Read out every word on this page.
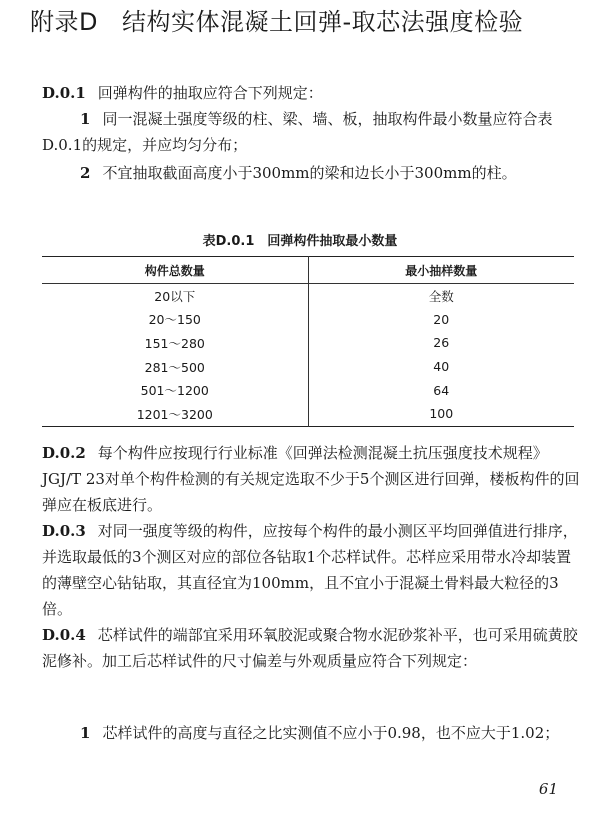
附录D 结构实体混凝土回弹-取芯法强度检验
D.0.1 回弹构件的抽取应符合下列规定：
1 同一混凝土强度等级的柱、梁、墙、板，抽取构件最小数量应符合表D.0.1的规定，并应均匀分布；
2 不宜抽取截面高度小于300mm的梁和边长小于300mm的柱。
表D.0.1　回弹构件抽取最小数量
构件总数量	最小抽样数量
20以下	全数
20～150	20
151～280	26
281～500	40
501～1200	64
1201～3200	100
D.0.2 每个构件应按现行行业标准《回弹法检测混凝土抗压强度技术规程》JGJ/T 23对单个构件检测的有关规定选取不少于5个测区进行回弹，楼板构件的回弹应在板底进行。
D.0.3 对同一强度等级的构件，应按每个构件的最小测区平均回弹值进行排序，并选取最低的3个测区对应的部位各钻取1个芯样试件。芯样应采用带水冷却装置的薄壁空心钻钻取，其直径宜为100mm，且不宜小于混凝土骨料最大粒径的3倍。
D.0.4 芯样试件的端部宜采用环氧胶泥或聚合物水泥砂浆补平，也可采用硫黄胶泥修补。加工后芯样试件的尺寸偏差与外观质量应符合下列规定：
1 芯样试件的高度与直径之比实测值不应小于0.98，也不应大于1.02；
61
